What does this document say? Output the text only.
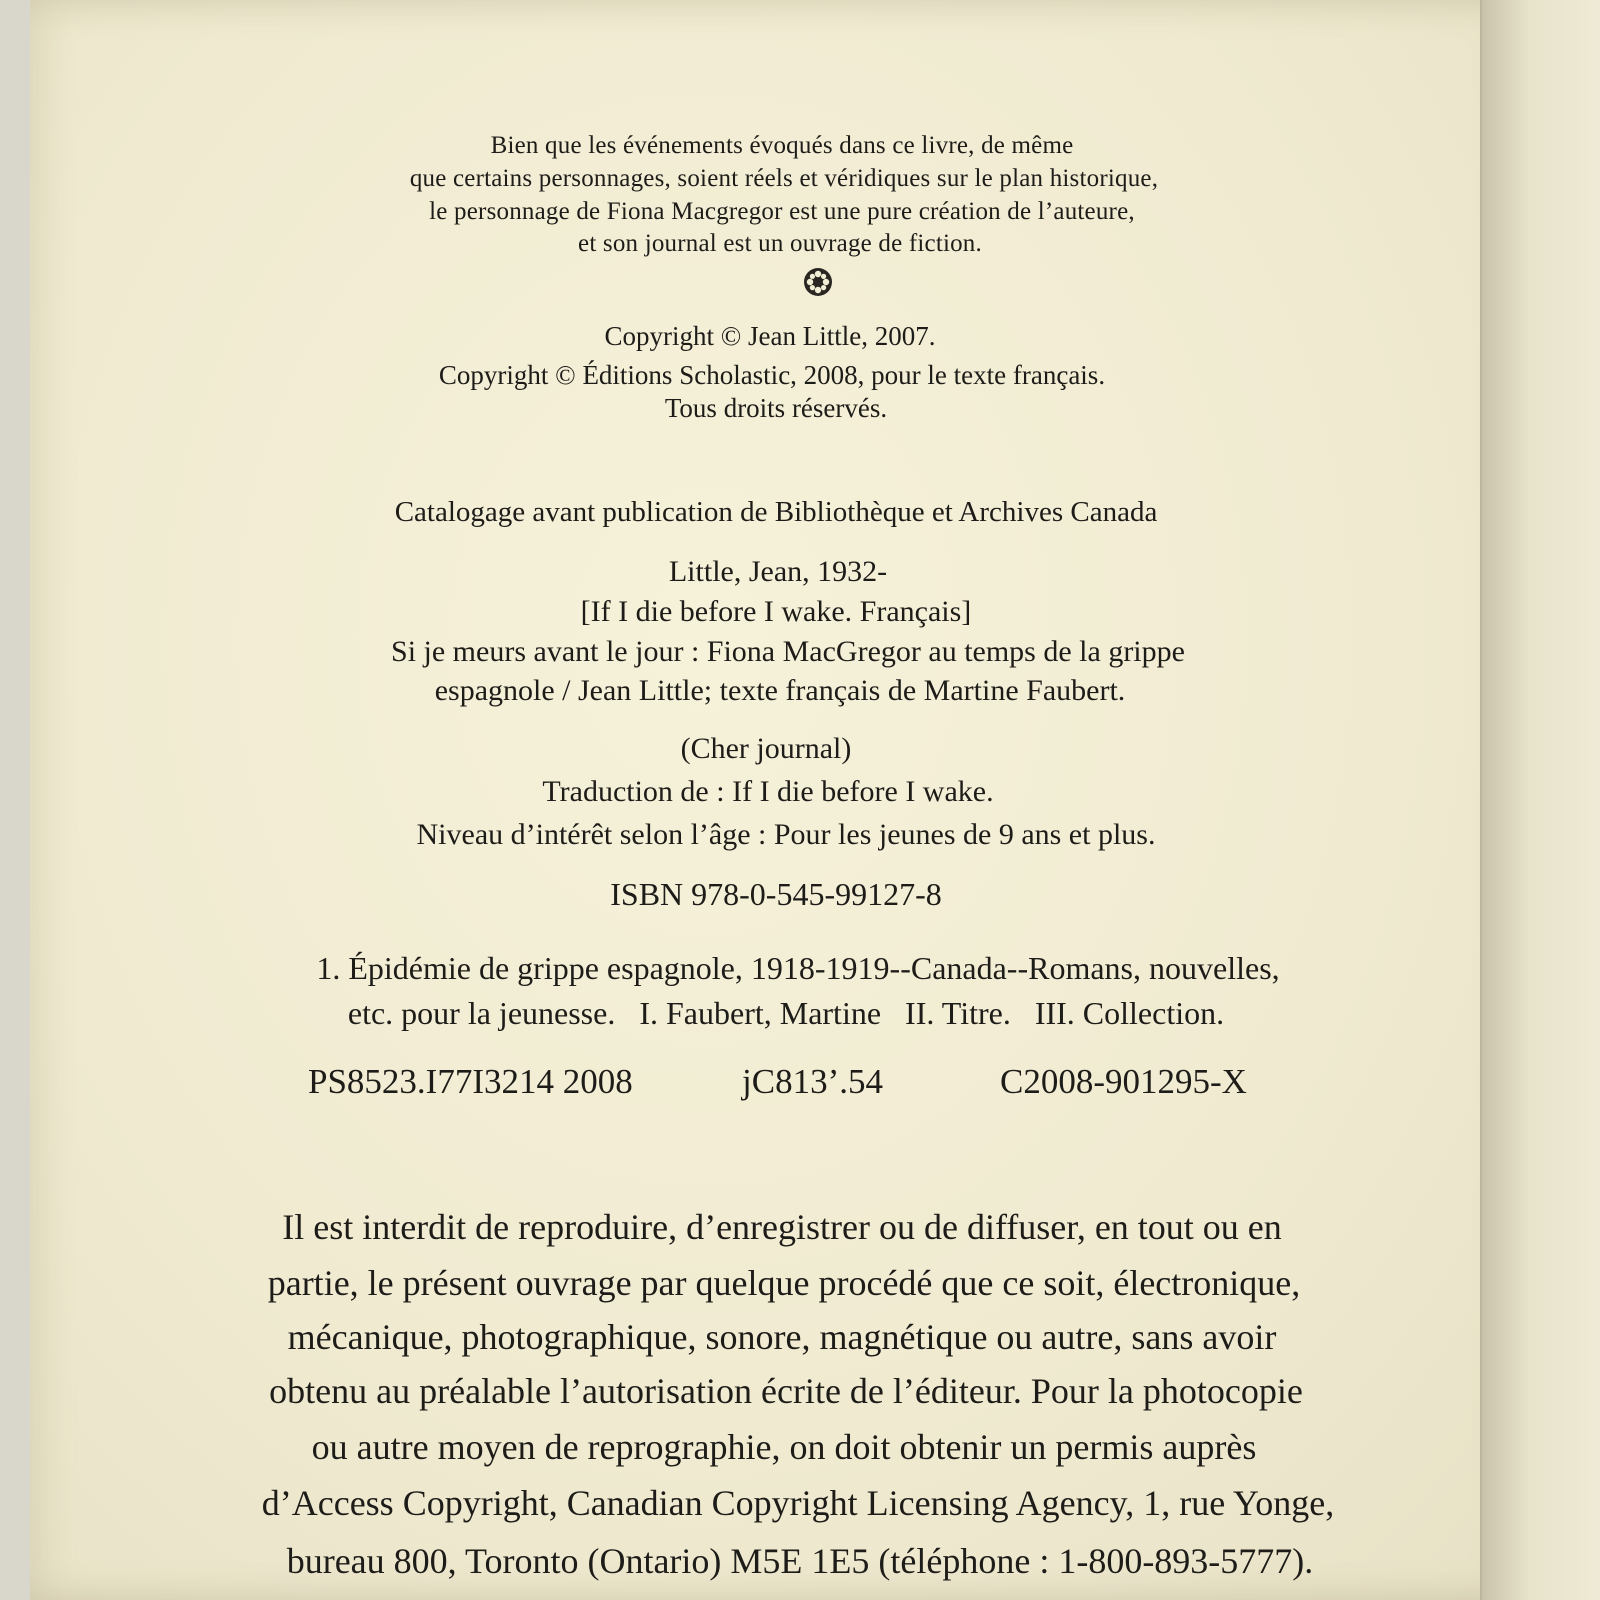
Bien que les événements évoqués dans ce livre, de même

que certains personnages, soient réels et véridiques sur le plan historique,

le personnage de Fiona Macgregor est une pure création de l’auteure,

et son journal est un ouvrage de fiction.

Copyright © Jean Little, 2007.

Copyright © Éditions Scholastic, 2008, pour le texte français.

Tous droits réservés.

Catalogage avant publication de Bibliothèque et Archives Canada

Little, Jean, 1932-

[If I die before I wake. Français]

Si je meurs avant le jour : Fiona MacGregor au temps de la grippe

espagnole / Jean Little; texte français de Martine Faubert.

(Cher journal)

Traduction de : If I die before I wake.

Niveau d’intérêt selon l’âge : Pour les jeunes de 9 ans et plus.

ISBN 978-0-545-99127-8

1. Épidémie de grippe espagnole, 1918-1919--Canada--Romans, nouvelles,

etc. pour la jeunesse.   I. Faubert, Martine   II. Titre.   III. Collection.

PS8523.I77I3214 2008	jC813’.54	C2008-901295-X

Il est interdit de reproduire, d’enregistrer ou de diffuser, en tout ou en

partie, le présent ouvrage par quelque procédé que ce soit, électronique,

mécanique, photographique, sonore, magnétique ou autre, sans avoir

obtenu au préalable l’autorisation écrite de l’éditeur. Pour la photocopie

ou autre moyen de reprographie, on doit obtenir un permis auprès

d’Access Copyright, Canadian Copyright Licensing Agency, 1, rue Yonge,

bureau 800, Toronto (Ontario) M5E 1E5 (téléphone : 1-800-893-5777).
